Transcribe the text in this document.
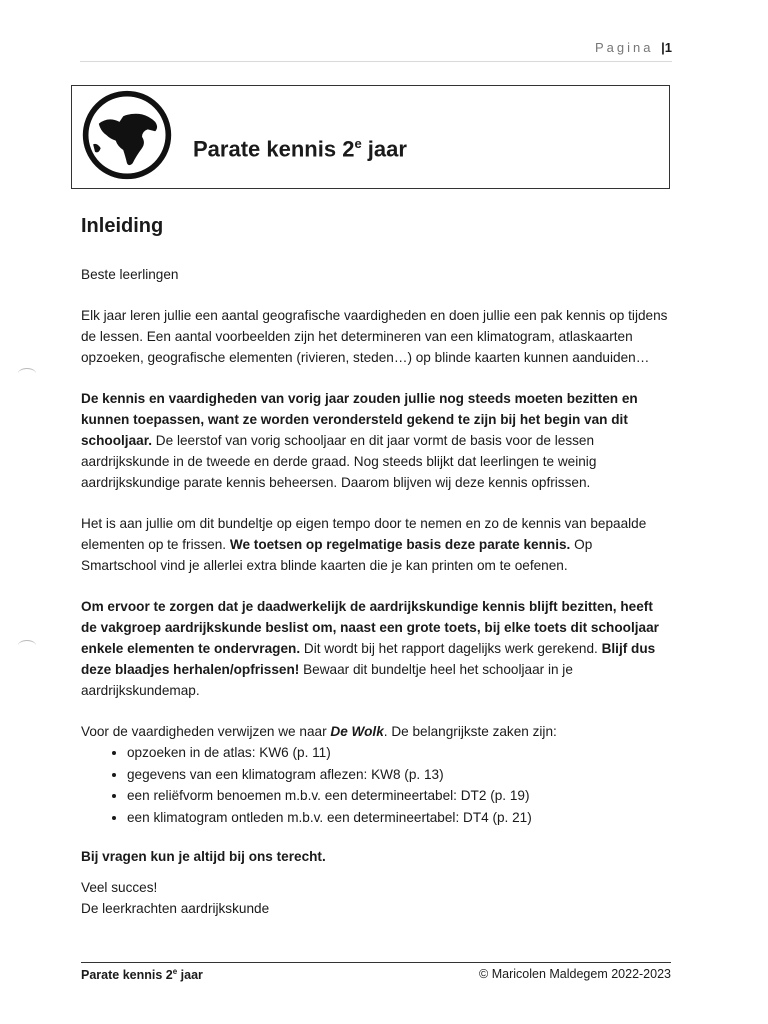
Pagina |1
Parate kennis 2e jaar
Inleiding

Beste leerlingen

Elk jaar leren jullie een aantal geografische vaardigheden en doen jullie een pak kennis op tijdens de lessen. Een aantal voorbeelden zijn het determineren van een klimatogram, atlaskaarten opzoeken, geografische elementen (rivieren, steden…) op blinde kaarten kunnen aanduiden…

De kennis en vaardigheden van vorig jaar zouden jullie nog steeds moeten bezitten en kunnen toepassen, want ze worden verondersteld gekend te zijn bij het begin van dit schooljaar. De leerstof van vorig schooljaar en dit jaar vormt de basis voor de lessen aardrijkskunde in de tweede en derde graad. Nog steeds blijkt dat leerlingen te weinig aardrijkskundige parate kennis beheersen. Daarom blijven wij deze kennis opfrissen.

Het is aan jullie om dit bundeltje op eigen tempo door te nemen en zo de kennis van bepaalde elementen op te frissen. We toetsen op regelmatige basis deze parate kennis. Op Smartschool vind je allerlei extra blinde kaarten die je kan printen om te oefenen.

Om ervoor te zorgen dat je daadwerkelijk de aardrijkskundige kennis blijft bezitten, heeft de vakgroep aardrijkskunde beslist om, naast een grote toets, bij elke toets dit schooljaar enkele elementen te ondervragen. Dit wordt bij het rapport dagelijks werk gerekend. Blijf dus deze blaadjes herhalen/opfrissen! Bewaar dit bundeltje heel het schooljaar in je aardrijkskundemap.

Voor de vaardigheden verwijzen we naar De Wolk. De belangrijkste zaken zijn:

• opzoeken in de atlas: KW6 (p. 11)
• gegevens van een klimatogram aflezen: KW8 (p. 13)
• een reliëfvorm benoemen m.b.v. een determineertabel: DT2 (p. 19)
• een klimatogram ontleden m.b.v. een determineertabel: DT4 (p. 21)

Bij vragen kun je altijd bij ons terecht.

Veel succes!

De leerkrachten aardrijkskunde

Parate kennis 2e jaar	© Maricolen Maldegem 2022-2023
